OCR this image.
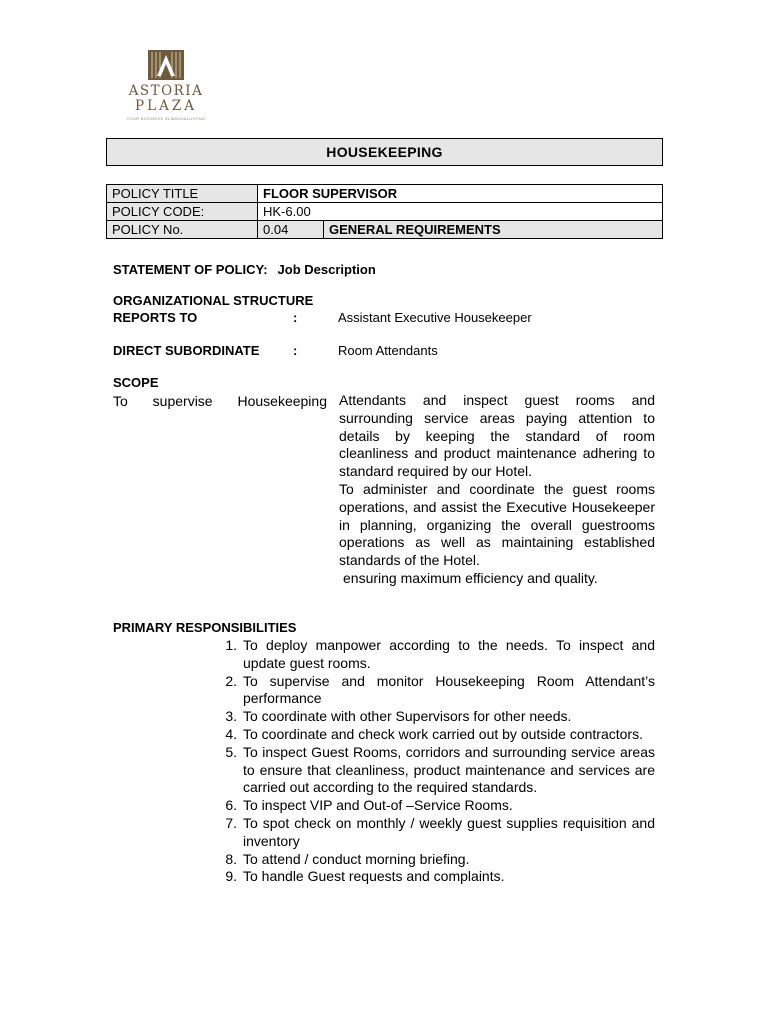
ASTORIA
PLAZA
YOUR BUSINESS IN MANDALUYONG
HOUSEKEEPING
POLICY TITLE	FLOOR SUPERVISOR	
POLICY CODE:	HK-6.00	
POLICY No.	0.04	GENERAL REQUIREMENTS
STATEMENT OF POLICY: Job Description
ORGANIZATIONAL STRUCTURE
REPORTS TO	:	Assistant Executive Housekeeper
DIRECT SUBORDINATE	:	Room Attendants
SCOPE
To supervise Housekeeping Attendants and inspect guest rooms and surrounding service areas paying attention to details by keeping the standard of room cleanliness and product maintenance adhering to standard required by our Hotel.

To administer and coordinate the guest rooms operations, and assist the Executive Housekeeper in planning, organizing the overall guestrooms operations as well as maintaining established standards of the Hotel.

ensuring maximum efficiency and quality.

PRIMARY RESPONSIBILITIES
1. To deploy manpower according to the needs. To inspect and update guest rooms.
2. To supervise and monitor Housekeeping Room Attendant’s performance
3. To coordinate with other Supervisors for other needs.
4. To coordinate and check work carried out by outside contractors.
5. To inspect Guest Rooms, corridors and surrounding service areas to ensure that cleanliness, product maintenance and services are carried out according to the required standards.
6. To inspect VIP and Out-of –Service Rooms.
7. To spot check on monthly / weekly guest supplies requisition and inventory
8. To attend / conduct morning briefing.
9. To handle Guest requests and complaints.
